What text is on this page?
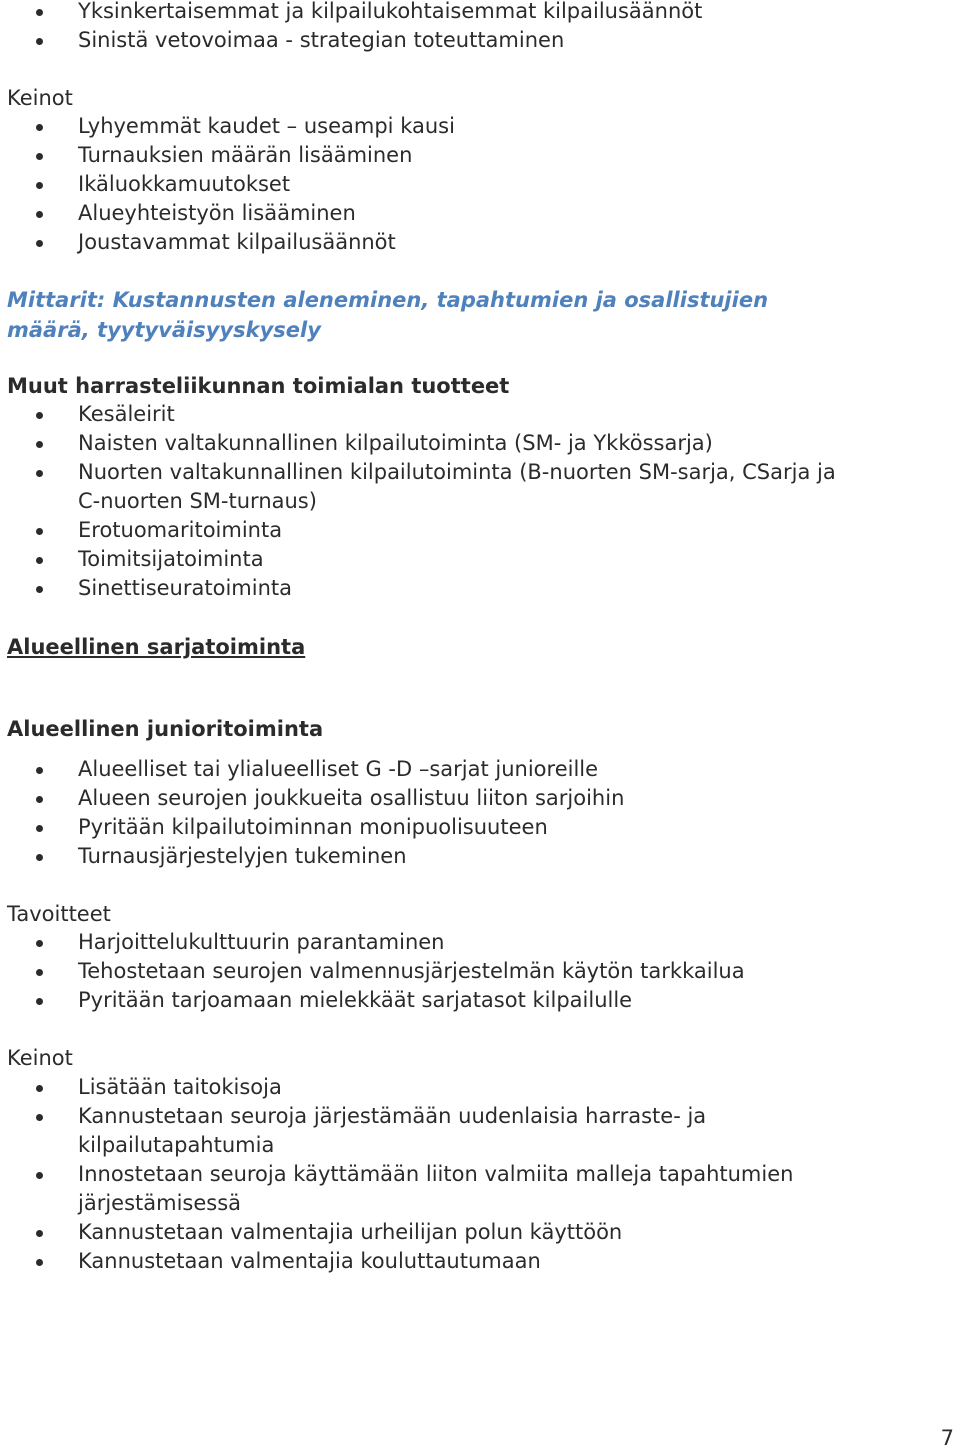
Yksinkertaisemmat ja kilpailukohtaisemmat kilpailusäännöt
Sinistä vetovoimaa - strategian toteuttaminen
Keinot
Lyhyemmät kaudet – useampi kausi
Turnauksien määrän lisääminen
Ikäluokkamuutokset
Alueyhteistyön lisääminen
Joustavammat kilpailusäännöt
Mittarit: Kustannusten aleneminen, tapahtumien ja osallistujien
määrä, tyytyväisyyskysely
Muut harrasteliikunnan toimialan tuotteet
Kesäleirit
Naisten valtakunnallinen kilpailutoiminta (SM- ja Ykkössarja)
Nuorten valtakunnallinen kilpailutoiminta (B-nuorten SM-sarja, CSarja ja
C-nuorten SM-turnaus)
Erotuomaritoiminta
Toimitsijatoiminta
Sinettiseuratoiminta
Alueellinen sarjatoiminta
Alueellinen junioritoiminta
Alueelliset tai ylialueelliset G -D –sarjat junioreille
Alueen seurojen joukkueita osallistuu liiton sarjoihin
Pyritään kilpailutoiminnan monipuolisuuteen
Turnausjärjestelyjen tukeminen
Tavoitteet
Harjoittelukulttuurin parantaminen
Tehostetaan seurojen valmennusjärjestelmän käytön tarkkailua
Pyritään tarjoamaan mielekkäät sarjatasot kilpailulle
Keinot
Lisätään taitokisoja
Kannustetaan seuroja järjestämään uudenlaisia harraste- ja
kilpailutapahtumia
Innostetaan seuroja käyttämään liiton valmiita malleja tapahtumien
järjestämisessä
Kannustetaan valmentajia urheilijan polun käyttöön
Kannustetaan valmentajia kouluttautumaan
7
